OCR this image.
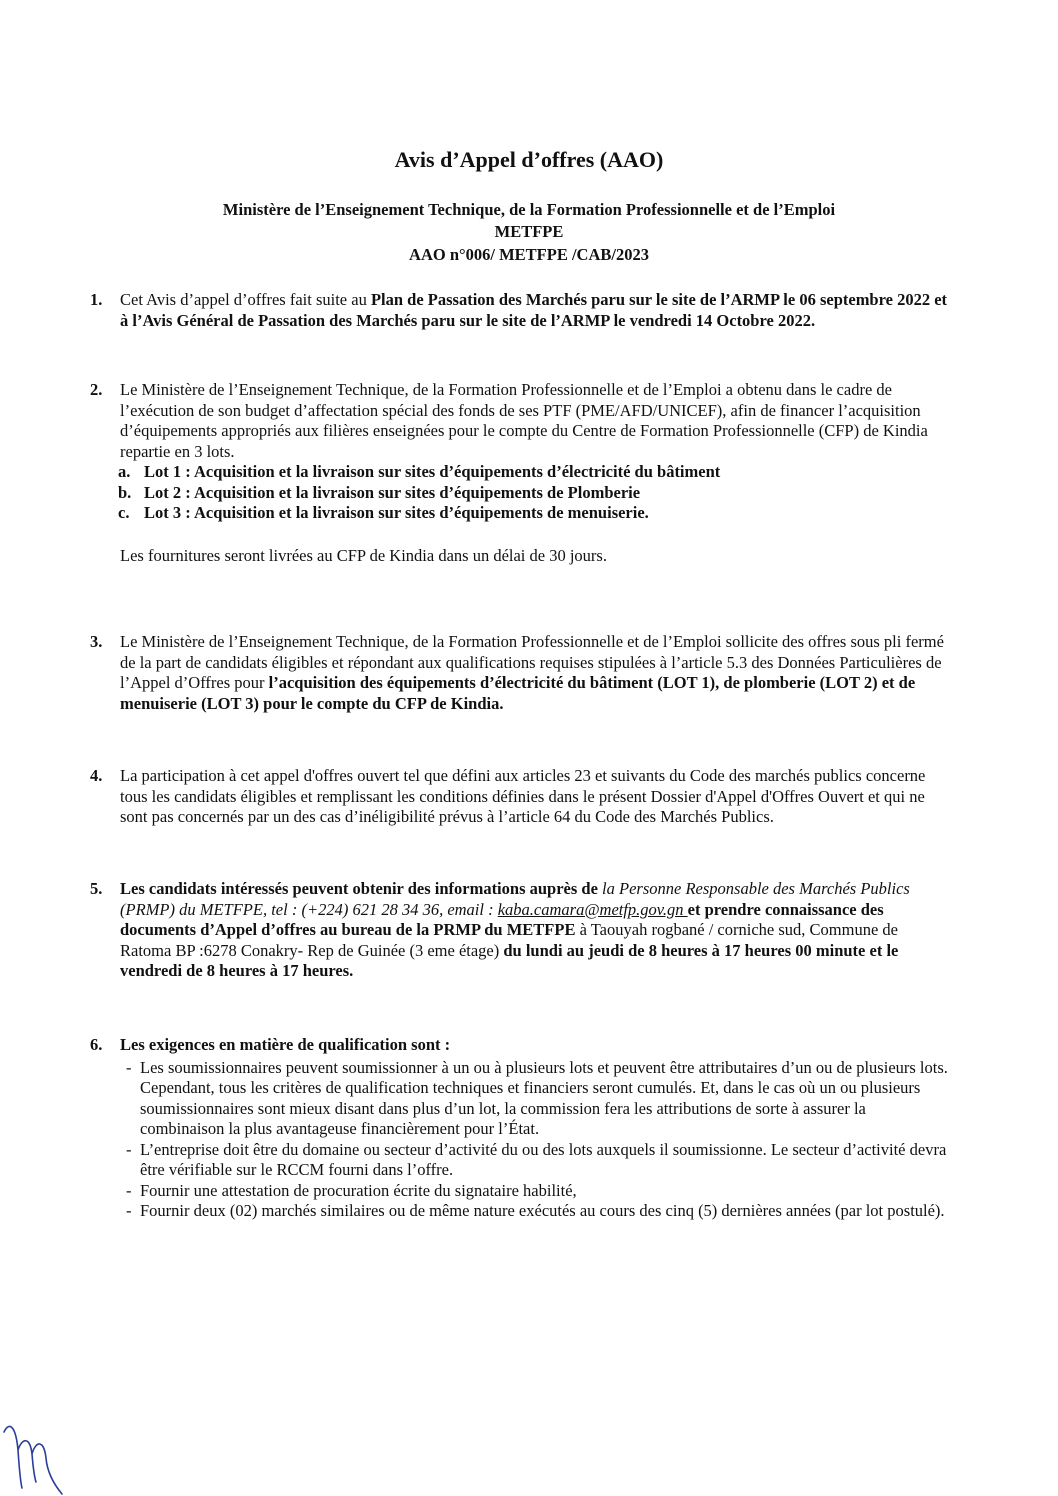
Avis d’Appel d’offres (AAO)
Ministère de l’Enseignement Technique, de la Formation Professionnelle et de l’Emploi
METFPE
AAO n°006/ METFPE /CAB/2023
1. Cet Avis d’appel d’offres fait suite au Plan de Passation des Marchés paru sur le site de l’ARMP le 06 septembre 2022 et à l’Avis Général de Passation des Marchés paru sur le site de l’ARMP le vendredi 14 Octobre 2022.

2. Le Ministère de l’Enseignement Technique, de la Formation Professionnelle et de l’Emploi a obtenu dans le cadre de l’exécution de son budget d’affectation spécial des fonds de ses PTF (PME/AFD/UNICEF), afin de financer l’acquisition d’équipements appropriés aux filières enseignées pour le compte du Centre de Formation Professionnelle (CFP) de Kindia repartie en 3 lots.

a. Lot 1 : Acquisition et la livraison sur sites d’équipements d’électricité du bâtiment
b. Lot 2 : Acquisition et la livraison sur sites d’équipements de Plomberie
c. Lot 3 : Acquisition et la livraison sur sites d’équipements de menuiserie.

Les fournitures seront livrées au CFP de Kindia dans un délai de 30 jours.

3. Le Ministère de l’Enseignement Technique, de la Formation Professionnelle et de l’Emploi sollicite des offres sous pli fermé de la part de candidats éligibles et répondant aux qualifications requises stipulées à l’article 5.3 des Données Particulières de l’Appel d’Offres pour l’acquisition des équipements d’électricité du bâtiment (LOT 1), de plomberie (LOT 2) et de menuiserie (LOT 3) pour le compte du CFP de Kindia.

4. La participation à cet appel d'offres ouvert tel que défini aux articles 23 et suivants du Code des marchés publics concerne tous les candidats éligibles et remplissant les conditions définies dans le présent Dossier d'Appel d'Offres Ouvert et qui ne sont pas concernés par un des cas d’inéligibilité prévus à l’article 64 du Code des Marchés Publics.

5. Les candidats intéressés peuvent obtenir des informations auprès de la Personne Responsable des Marchés Publics (PRMP) du METFPE, tel : (+224) 621 28 34 36, email : kaba.camara@metfp.gov.gn et prendre connaissance des documents d’Appel d’offres au bureau de la PRMP du METFPE à Taouyah rogbané / corniche sud, Commune de Ratoma BP :6278 Conakry- Rep de Guinée (3 eme étage) du lundi au jeudi de 8 heures à 17 heures 00 minute et le vendredi de 8 heures à 17 heures.

6. Les exigences en matière de qualification sont :

- Les soumissionnaires peuvent soumissionner à un ou à plusieurs lots et peuvent être attributaires d’un ou de plusieurs lots. Cependant, tous les critères de qualification techniques et financiers seront cumulés. Et, dans le cas où un ou plusieurs soumissionnaires sont mieux disant dans plus d’un lot, la commission fera les attributions de sorte à assurer la combinaison la plus avantageuse financièrement pour l’État.
- L’entreprise doit être du domaine ou secteur d’activité du ou des lots auxquels il soumissionne. Le secteur d’activité devra être vérifiable sur le RCCM fourni dans l’offre.
- Fournir une attestation de procuration écrite du signataire habilité,
- Fournir deux (02) marchés similaires ou de même nature exécutés au cours des cinq (5) dernières années (par lot postulé).
